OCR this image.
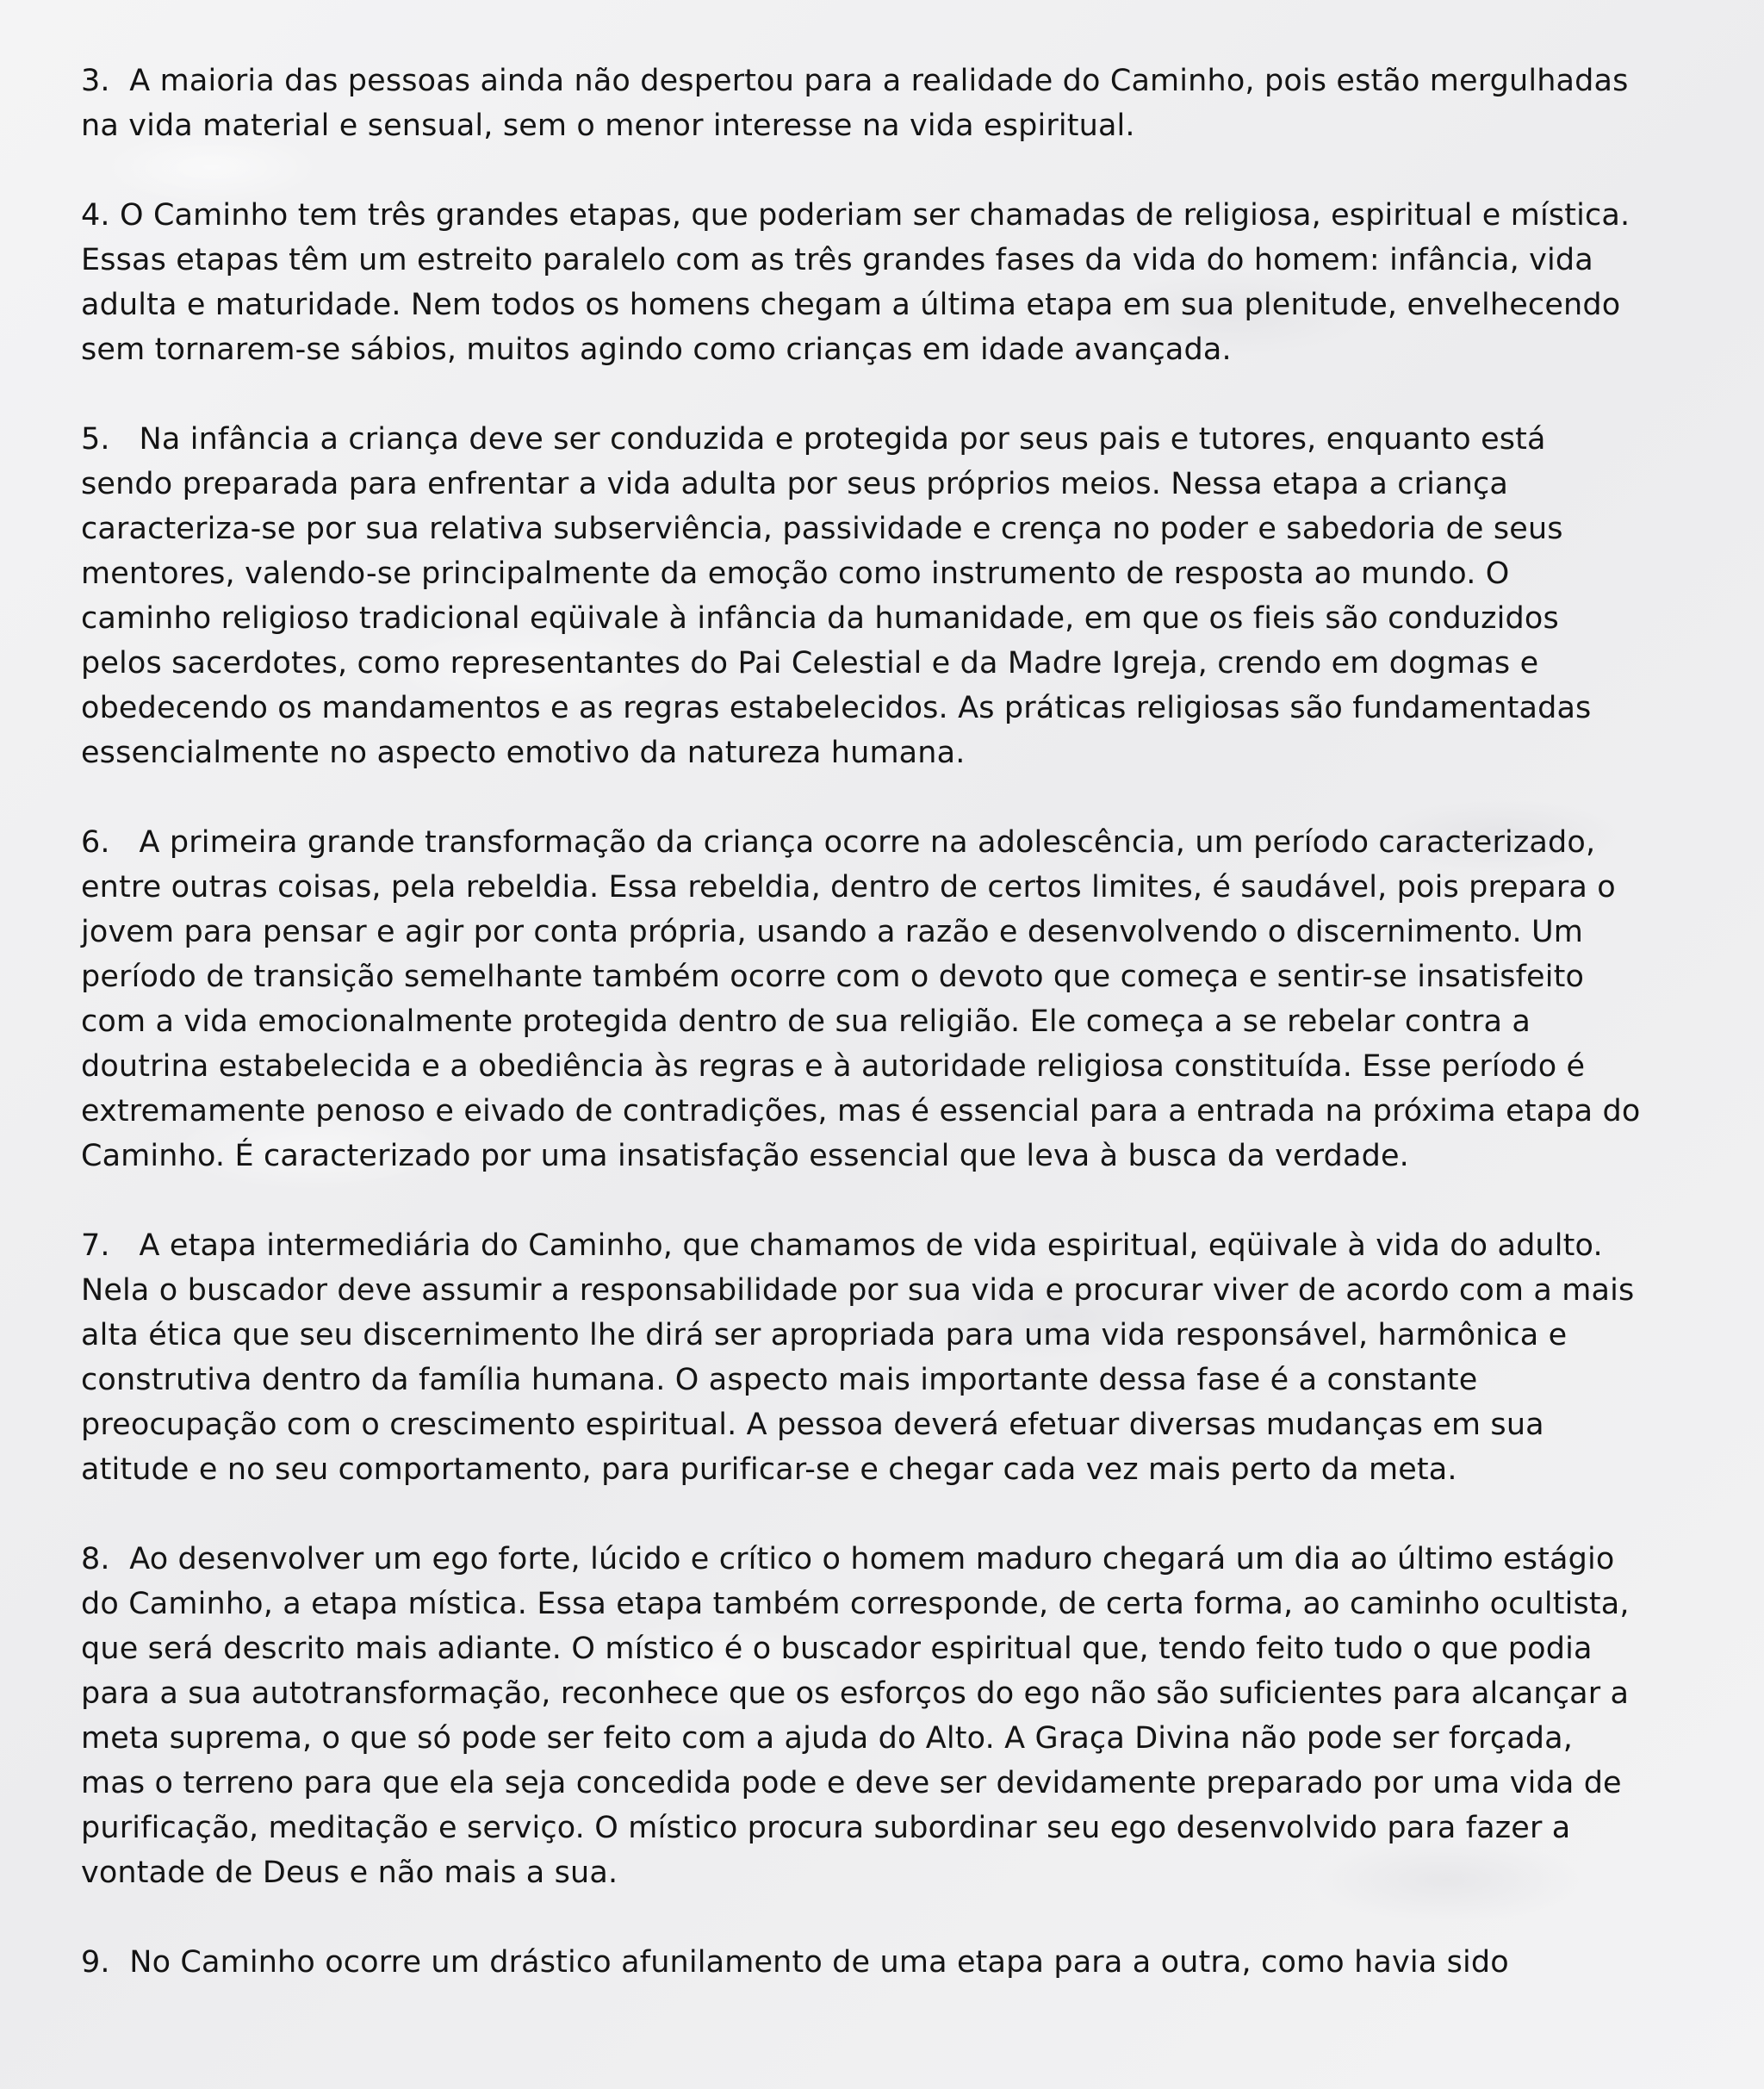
3.  A maioria das pessoas ainda não despertou para a realidade do Caminho, pois estão mergulhadas
na vida material e sensual, sem o menor interesse na vida espiritual.

4. O Caminho tem três grandes etapas, que poderiam ser chamadas de religiosa, espiritual e mística.
Essas etapas têm um estreito paralelo com as três grandes fases da vida do homem: infância, vida
adulta e maturidade. Nem todos os homens chegam a última etapa em sua plenitude, envelhecendo
sem tornarem-se sábios, muitos agindo como crianças em idade avançada.

5.   Na infância a criança deve ser conduzida e protegida por seus pais e tutores, enquanto está
sendo preparada para enfrentar a vida adulta por seus próprios meios. Nessa etapa a criança
caracteriza-se por sua relativa subserviência, passividade e crença no poder e sabedoria de seus
mentores, valendo-se principalmente da emoção como instrumento de resposta ao mundo. O
caminho religioso tradicional eqüivale à infância da humanidade, em que os fieis são conduzidos
pelos sacerdotes, como representantes do Pai Celestial e da Madre Igreja, crendo em dogmas e
obedecendo os mandamentos e as regras estabelecidos. As práticas religiosas são fundamentadas
essencialmente no aspecto emotivo da natureza humana.

6.   A primeira grande transformação da criança ocorre na adolescência, um período caracterizado,
entre outras coisas, pela rebeldia. Essa rebeldia, dentro de certos limites, é saudável, pois prepara o
jovem para pensar e agir por conta própria, usando a razão e desenvolvendo o discernimento. Um
período de transição semelhante também ocorre com o devoto que começa e sentir-se insatisfeito
com a vida emocionalmente protegida dentro de sua religião. Ele começa a se rebelar contra a
doutrina estabelecida e a obediência às regras e à autoridade religiosa constituída. Esse período é
extremamente penoso e eivado de contradições, mas é essencial para a entrada na próxima etapa do
Caminho. É caracterizado por uma insatisfação essencial que leva à busca da verdade.

7.   A etapa intermediária do Caminho, que chamamos de vida espiritual, eqüivale à vida do adulto.
Nela o buscador deve assumir a responsabilidade por sua vida e procurar viver de acordo com a mais
alta ética que seu discernimento lhe dirá ser apropriada para uma vida responsável, harmônica e
construtiva dentro da família humana. O aspecto mais importante dessa fase é a constante
preocupação com o crescimento espiritual. A pessoa deverá efetuar diversas mudanças em sua
atitude e no seu comportamento, para purificar-se e chegar cada vez mais perto da meta.

8.  Ao desenvolver um ego forte, lúcido e crítico o homem maduro chegará um dia ao último estágio
do Caminho, a etapa mística. Essa etapa também corresponde, de certa forma, ao caminho ocultista,
que será descrito mais adiante. O místico é o buscador espiritual que, tendo feito tudo o que podia
para a sua autotransformação, reconhece que os esforços do ego não são suficientes para alcançar a
meta suprema, o que só pode ser feito com a ajuda do Alto. A Graça Divina não pode ser forçada,
mas o terreno para que ela seja concedida pode e deve ser devidamente preparado por uma vida de
purificação, meditação e serviço. O místico procura subordinar seu ego desenvolvido para fazer a
vontade de Deus e não mais a sua.

9.  No Caminho ocorre um drástico afunilamento de uma etapa para a outra, como havia sido
